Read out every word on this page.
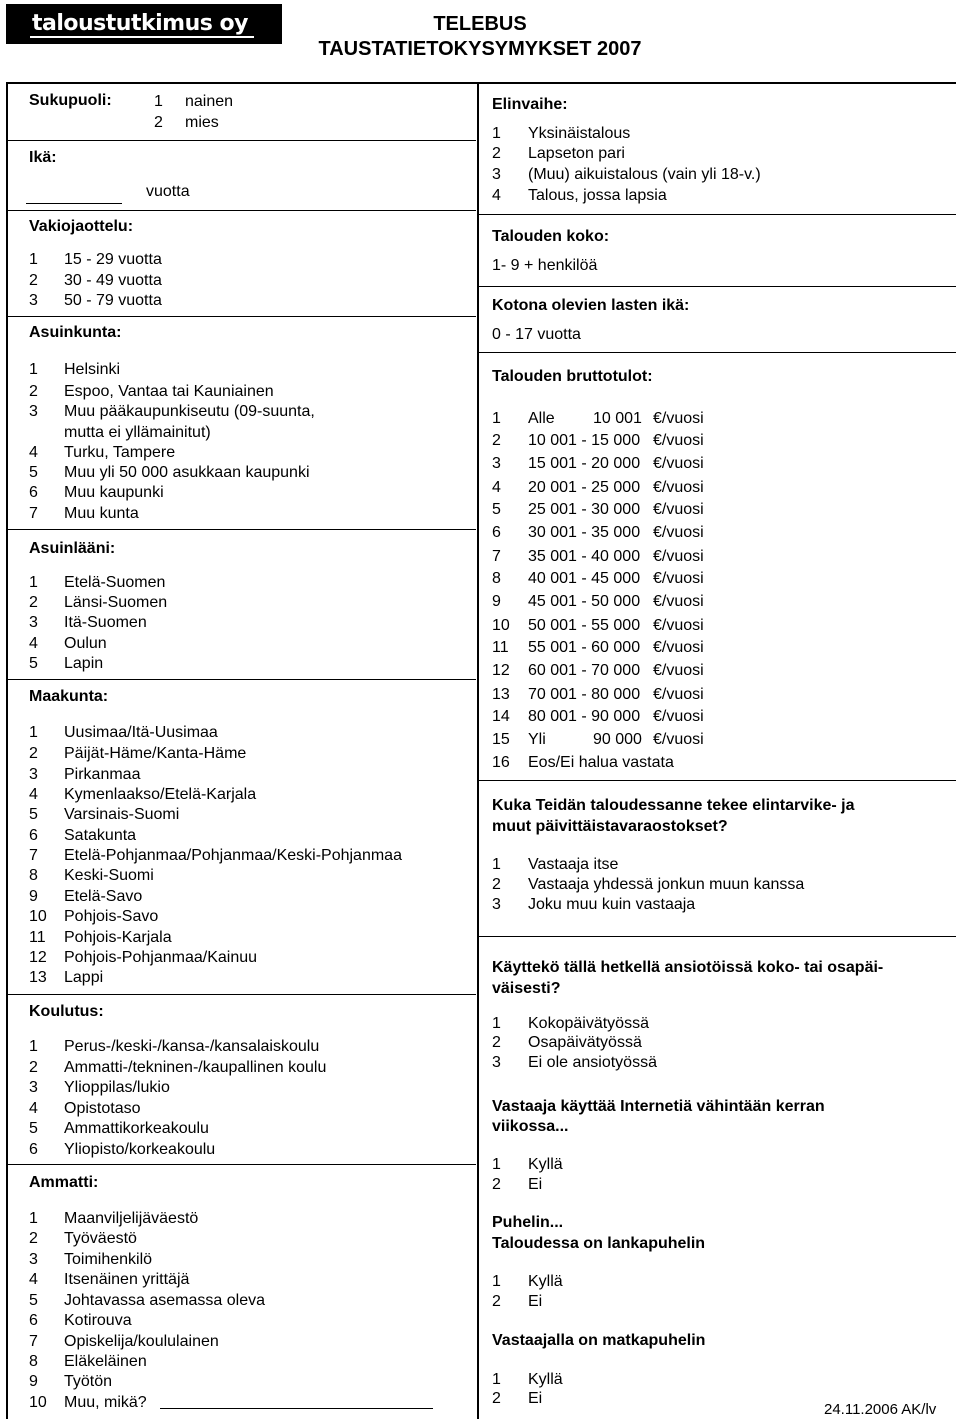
taloustutkimus oy	TELEBUS
TAUSTATIETOKYSYMYKSET 2007
Sukupuoli:	1 nainen
2 mies
Ikä:
vuotta
Vakiojaottelu:
1 15 - 29 vuotta
2 30 - 49 vuotta
3 50 - 79 vuotta
Asuinkunta:
1 Helsinki
2 Espoo, Vantaa tai Kauniainen
3 Muu pääkaupunkiseutu (09-suunta,
mutta ei yllämainitut)
4 Turku, Tampere
5 Muu yli 50 000 asukkaan kaupunki
6 Muu kaupunki
7 Muu kunta
Asuinlääni:
1 Etelä-Suomen
2 Länsi-Suomen
3 Itä-Suomen
4 Oulun
5 Lapin
Maakunta:
1 Uusimaa/Itä-Uusimaa
2 Päijät-Häme/Kanta-Häme
3 Pirkanmaa
4 Kymenlaakso/Etelä-Karjala
5 Varsinais-Suomi
6 Satakunta
7 Etelä-Pohjanmaa/Pohjanmaa/Keski-Pohjanmaa
8 Keski-Suomi
9 Etelä-Savo
10 Pohjois-Savo
11 Pohjois-Karjala
12 Pohjois-Pohjanmaa/Kainuu
13 Lappi
Koulutus:
1 Perus-/keski-/kansa-/kansalaiskoulu
2 Ammatti-/tekninen-/kaupallinen koulu
3 Ylioppilas/lukio
4 Opistotaso
5 Ammattikorkeakoulu
6 Yliopisto/korkeakoulu
Ammatti:
1 Maanviljelijäväestö
2 Työväestö
3 Toimihenkilö
4 Itsenäinen yrittäjä
5 Johtavassa asemassa oleva
6 Kotirouva
7 Opiskelija/koululainen
8 Eläkeläinen
9 Työtön
10 Muu, mikä?
Elinvaihe:
1 Yksinäistalous
2 Lapseton pari
3 (Muu) aikuistalous (vain yli 18-v.)
4 Talous, jossa lapsia
Talouden koko:
1- 9 + henkilöä
Kotona olevien lasten ikä:
0 - 17 vuotta
Talouden bruttotulot:
1 Alle 10 001 €/vuosi
2 10 001 - 15 000 €/vuosi
3 15 001 - 20 000 €/vuosi
4 20 001 - 25 000 €/vuosi
5 25 001 - 30 000 €/vuosi
6 30 001 - 35 000 €/vuosi
7 35 001 - 40 000 €/vuosi
8 40 001 - 45 000 €/vuosi
9 45 001 - 50 000 €/vuosi
10 50 001 - 55 000 €/vuosi
11 55 001 - 60 000 €/vuosi
12 60 001 - 70 000 €/vuosi
13 70 001 - 80 000 €/vuosi
14 80 001 - 90 000 €/vuosi
15 Yli	90 000 €/vuosi
16 Eos/Ei halua vastata
Kuka Teidän taloudessanne tekee elintarvike- ja
muut päivittäistavaraostokset?
1 Vastaaja itse
2 Vastaaja yhdessä jonkun muun kanssa
3 Joku muu kuin vastaaja
Käyttekö tällä hetkellä ansiotöissä koko- tai osapäi-
väisesti?
1 Kokopäivätyössä
2 Osapäivätyössä
3 Ei ole ansiotyössä
Vastaaja käyttää Internetiä vähintään kerran
viikossa...
1 Kyllä
2 Ei
Puhelin...
Taloudessa on lankapuhelin
1 Kyllä
2 Ei
Vastaajalla on matkapuhelin
1 Kyllä
2 Ei
24.11.2006 AK/lv
